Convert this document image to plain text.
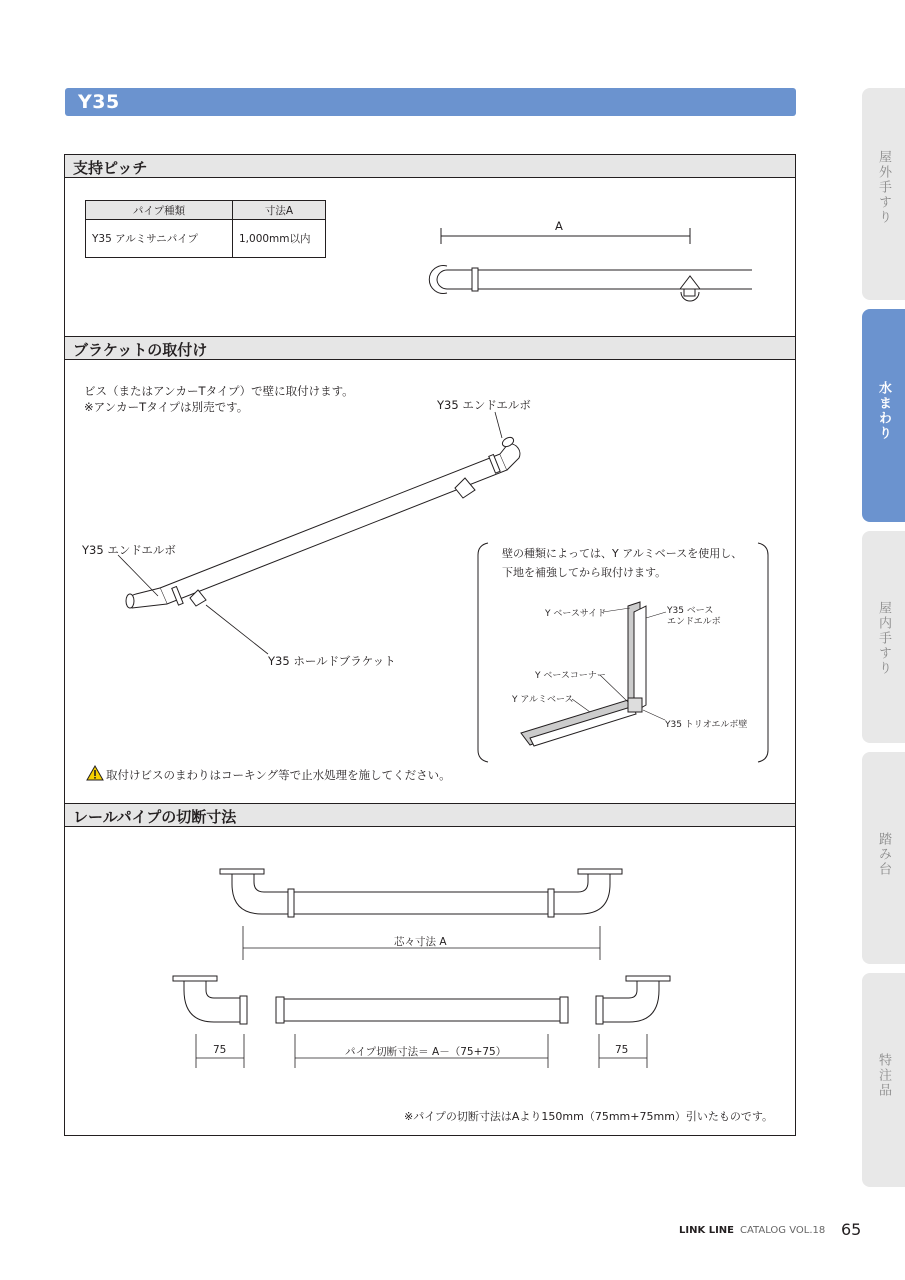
Y35
支持ピッチ
ブラケットの取付け
レールパイプの切断寸法
パイプ種類	寸法A
Y35 アルミサニパイプ	1,000mm以内
A
ビス（またはアンカーTタイプ）で壁に取付けます。
※アンカーTタイプは別売です。	Y35 エンドエルボ
Y35 エンドエルボ
Y35 ホールドブラケット
壁の種類によっては、Y アルミベースを使用し、
下地を補強してから取付けます。
Y ベースサイド	Y35 ベース
エンドエルボ
Y ベースコーナー
Y アルミベース
Y35 トリオエルボ壁
取付けビスのまわりはコーキング等で止水処理を施してください。
芯々寸法 A
75	パイプ切断寸法＝ A－（75+75）	75
※パイプの切断寸法はAより150mm（75mm+75mm）引いたものです。
屋外手すり
水まわり
屋内手すり
踏み台
特注品
LINK LINE CATALOG VOL.18 65
